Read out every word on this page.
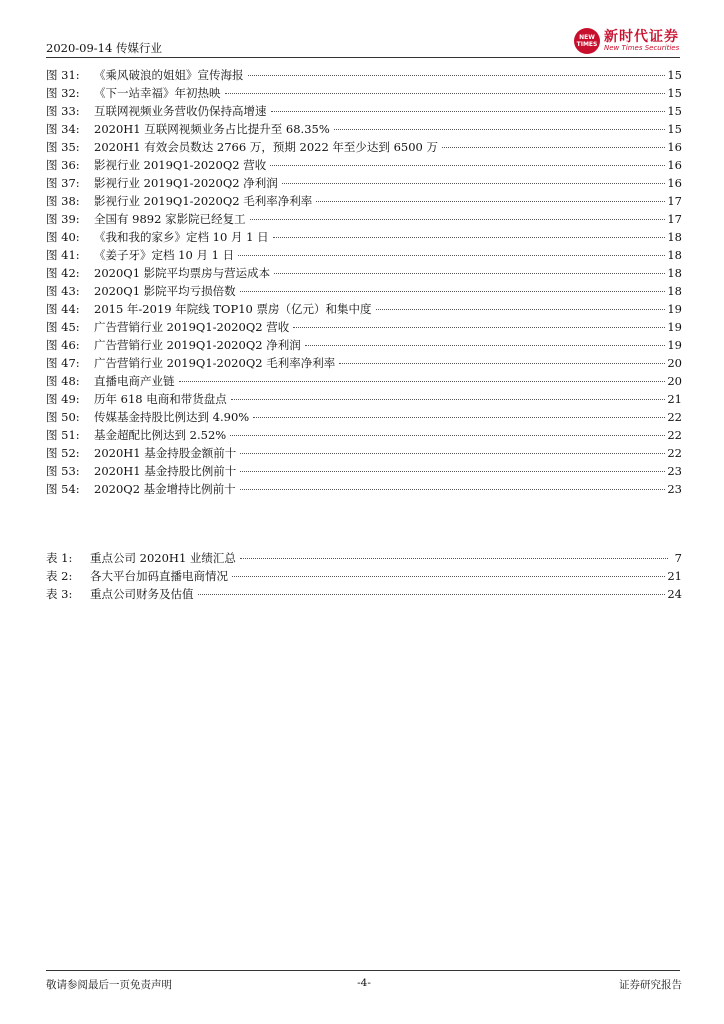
2020-09-14 传媒行业
NEW
TIMES 新时代证券
New Times Securities
图 31:	《乘风破浪的姐姐》宣传海报	15
图 32:	《下一站幸福》年初热映	15
图 33:	互联网视频业务营收仍保持高增速	15
图 34:	2020H1 互联网视频业务占比提升至 68.35%	15
图 35:	2020H1 有效会员数达 2766 万，预期 2022 年至少达到 6500 万	16
图 36:	影视行业 2019Q1-2020Q2 营收	16
图 37:	影视行业 2019Q1-2020Q2 净利润	16
图 38:	影视行业 2019Q1-2020Q2 毛利率净利率	17
图 39:	全国有 9892 家影院已经复工	17
图 40:	《我和我的家乡》定档 10 月 1 日	18
图 41:	《姜子牙》定档 10 月 1 日	18
图 42:	2020Q1 影院平均票房与营运成本	18
图 43:	2020Q1 影院平均亏损倍数	18
图 44:	2015 年-2019 年院线 TOP10 票房（亿元）和集中度	19
图 45:	广告营销行业 2019Q1-2020Q2 营收	19
图 46:	广告营销行业 2019Q1-2020Q2 净利润	19
图 47:	广告营销行业 2019Q1-2020Q2 毛利率净利率	20
图 48:	直播电商产业链	20
图 49:	历年 618 电商和带货盘点	21
图 50:	传媒基金持股比例达到 4.90%	22
图 51:	基金超配比例达到 2.52%	22
图 52:	2020H1 基金持股金额前十	22
图 53:	2020H1 基金持股比例前十	23
图 54:	2020Q2 基金增持比例前十	23
表 1:	重点公司 2020H1 业绩汇总	7
表 2:	各大平台加码直播电商情况	21
表 3:	重点公司财务及估值	24
敬请参阅最后一页免责声明	-4-	证券研究报告
